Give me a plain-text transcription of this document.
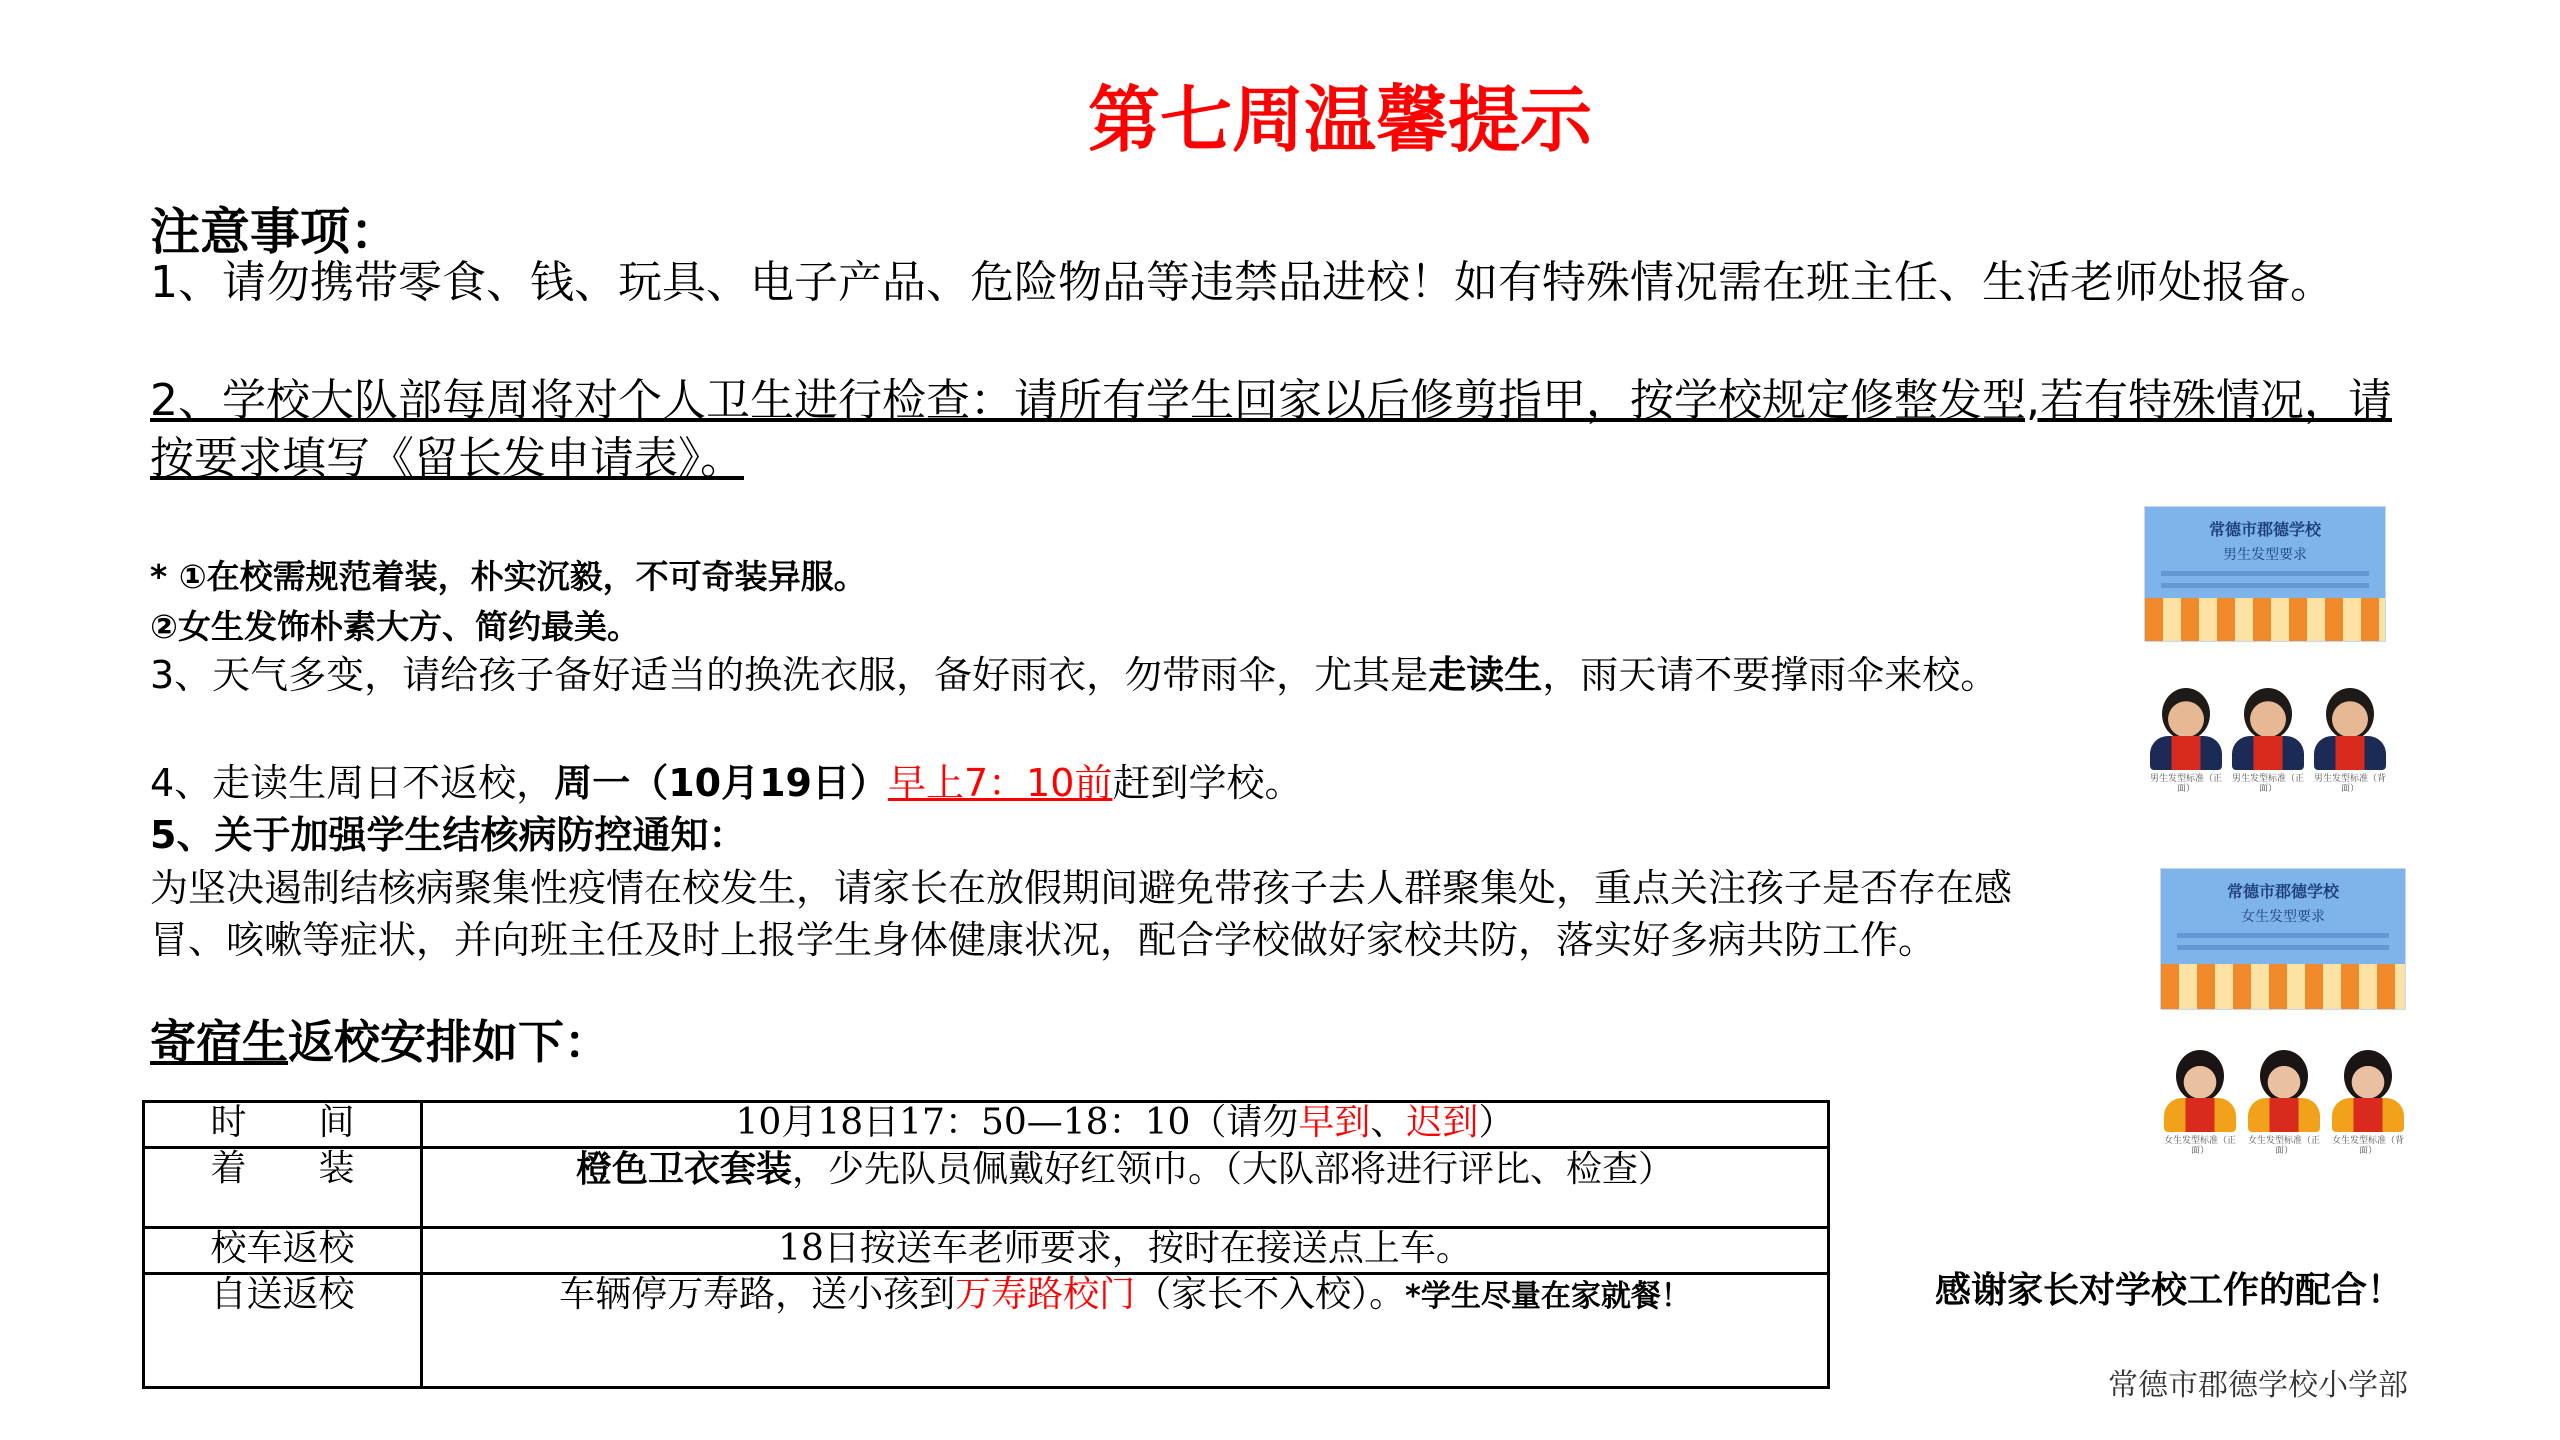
第七周温馨提示
注意事项：
1、请勿携带零食、钱、玩具、电子产品、危险物品等违禁品进校！如有特殊情况需在班主任、生活老师处报备。
2、学校大队部每周将对个人卫生进行检查：请所有学生回家以后修剪指甲，按学校规定修整发型,若有特殊情况，请按要求填写《留长发申请表》。
* ①在校需规范着装，朴实沉毅，不可奇装异服。
②女生发饰朴素大方、简约最美。
3、天气多变，请给孩子备好适当的换洗衣服，备好雨衣，勿带雨伞，尤其是走读生，雨天请不要撑雨伞来校。
4、走读生周日不返校，周一（10月19日）早上7：10前赶到学校。
5、关于加强学生结核病防控通知：
为坚决遏制结核病聚集性疫情在校发生，请家长在放假期间避免带孩子去人群聚集处，重点关注孩子是否存在感冒、咳嗽等症状，并向班主任及时上报学生身体健康状况，配合学校做好家校共防，落实好多病共防工作。
寄宿生返校安排如下：
时　　间	10月18日17：50—18：10（请勿早到、迟到）
着　　装	橙色卫衣套装，少先队员佩戴好红领巾。（大队部将进行评比、检查）
校车返校	18日按送车老师要求，按时在接送点上车。
自送返校	车辆停万寿路，送小孩到万寿路校门（家长不入校）。*学生尽量在家就餐！
常德市郡德学校
男生发型要求
男生发型标准（正面）
男生发型标准（正面）
男生发型标准（背面）
常德市郡德学校
女生发型要求
女生发型标准（正面）
女生发型标准（正面）
女生发型标准（背面）
感谢家长对学校工作的配合！
常德市郡德学校小学部
